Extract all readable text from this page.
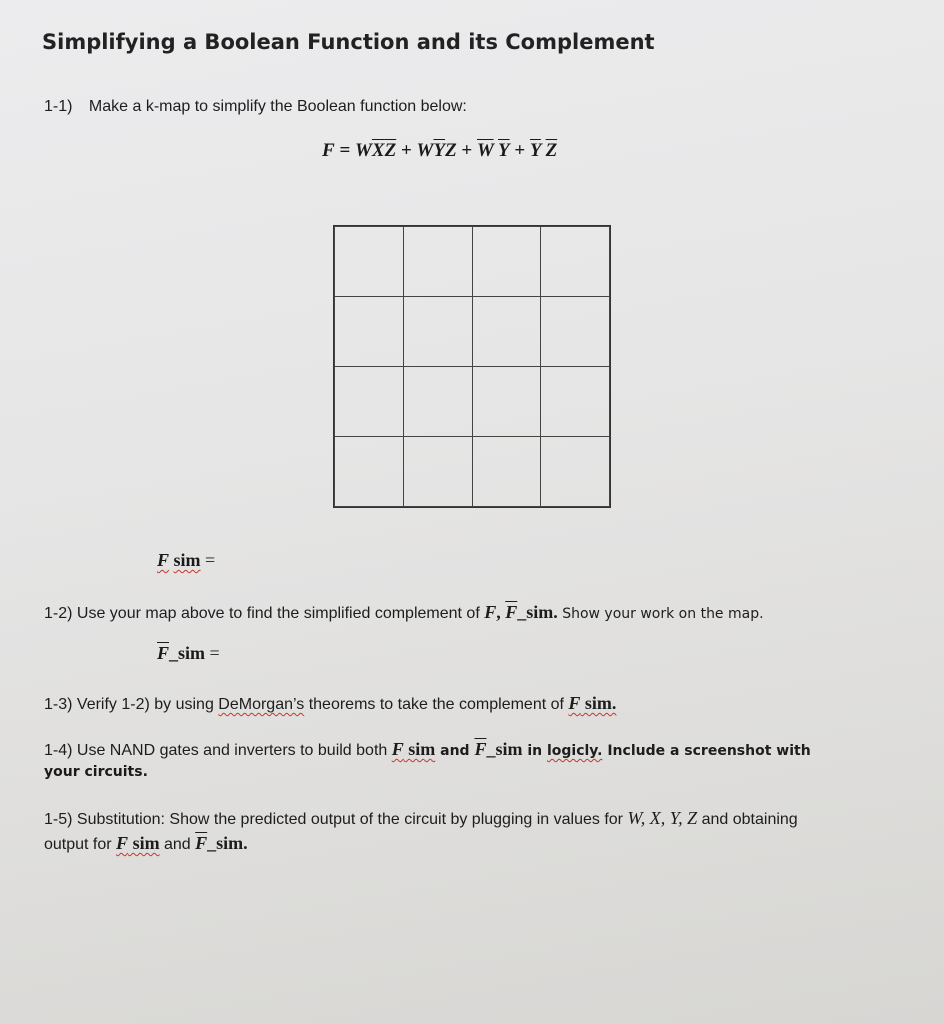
Simplifying a Boolean Function and its Complement
1-1) Make a k-map to simplify the Boolean function below:
$F = W\overline{X}\overline{Z} + W\overline{Y}Z + \overline{W}$ $\overline{Y} + \overline{Y}$ $\overline{Z}$

F sim =
1-2) Use your map above to find the simplified complement of F, $\overline{F}\_sim$. Show your work on the map.
$\overline{F}\_sim$ =
1-3) Verify 1-2) by using DeMorgan’s theorems to take the complement of F sim.
1-4) Use NAND gates and inverters to build both F sim and $\overline{F}\_sim$ in logicly. Include a screenshot with
your circuits.
1-5) Substitution: Show the predicted output of the circuit by plugging in values for W, X, Y, Z and obtaining
output for F sim and $\overline{F}\_sim$.
